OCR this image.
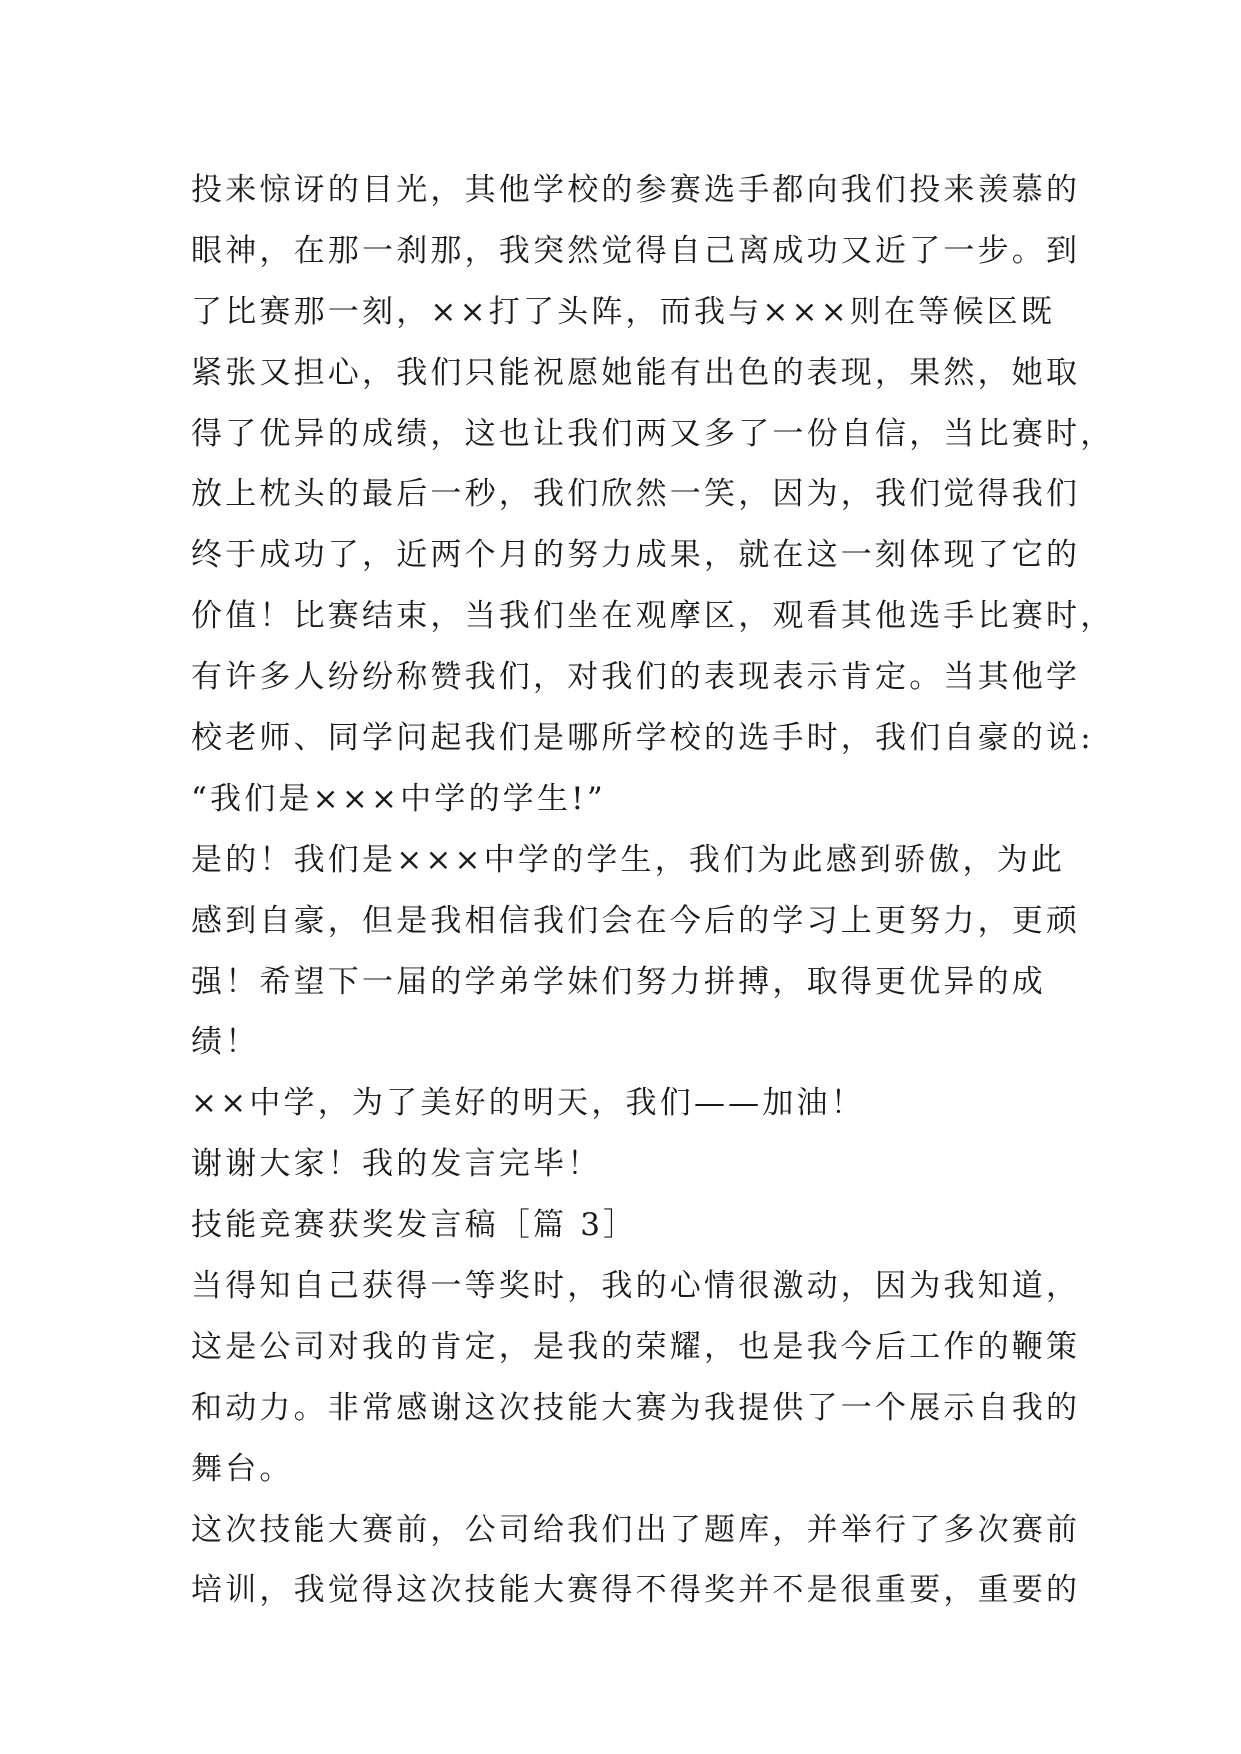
投来惊讶的目光，其他学校的参赛选手都向我们投来羡慕的
眼神，在那一刹那，我突然觉得自己离成功又近了一步。到
了比赛那一刻，××打了头阵，而我与×××则在等候区既
紧张又担心，我们只能祝愿她能有出色的表现，果然，她取
得了优异的成绩，这也让我们两又多了一份自信，当比赛时，
放上枕头的最后一秒，我们欣然一笑，因为，我们觉得我们
终于成功了，近两个月的努力成果，就在这一刻体现了它的
价值！比赛结束，当我们坐在观摩区，观看其他选手比赛时，
有许多人纷纷称赞我们，对我们的表现表示肯定。当其他学
校老师、同学问起我们是哪所学校的选手时，我们自豪的说:
“我们是×××中学的学生!”
是的！我们是×××中学的学生，我们为此感到骄傲，为此
感到自豪，但是我相信我们会在今后的学习上更努力，更顽
强！希望下一届的学弟学妹们努力拼搏，取得更优异的成
绩！
××中学，为了美好的明天，我们——加油！
谢谢大家！我的发言完毕！
技能竞赛获奖发言稿［篇 3］
当得知自己获得一等奖时，我的心情很激动，因为我知道，
这是公司对我的肯定，是我的荣耀，也是我今后工作的鞭策
和动力。非常感谢这次技能大赛为我提供了一个展示自我的
舞台。
这次技能大赛前，公司给我们出了题库，并举行了多次赛前
培训，我觉得这次技能大赛得不得奖并不是很重要，重要的
